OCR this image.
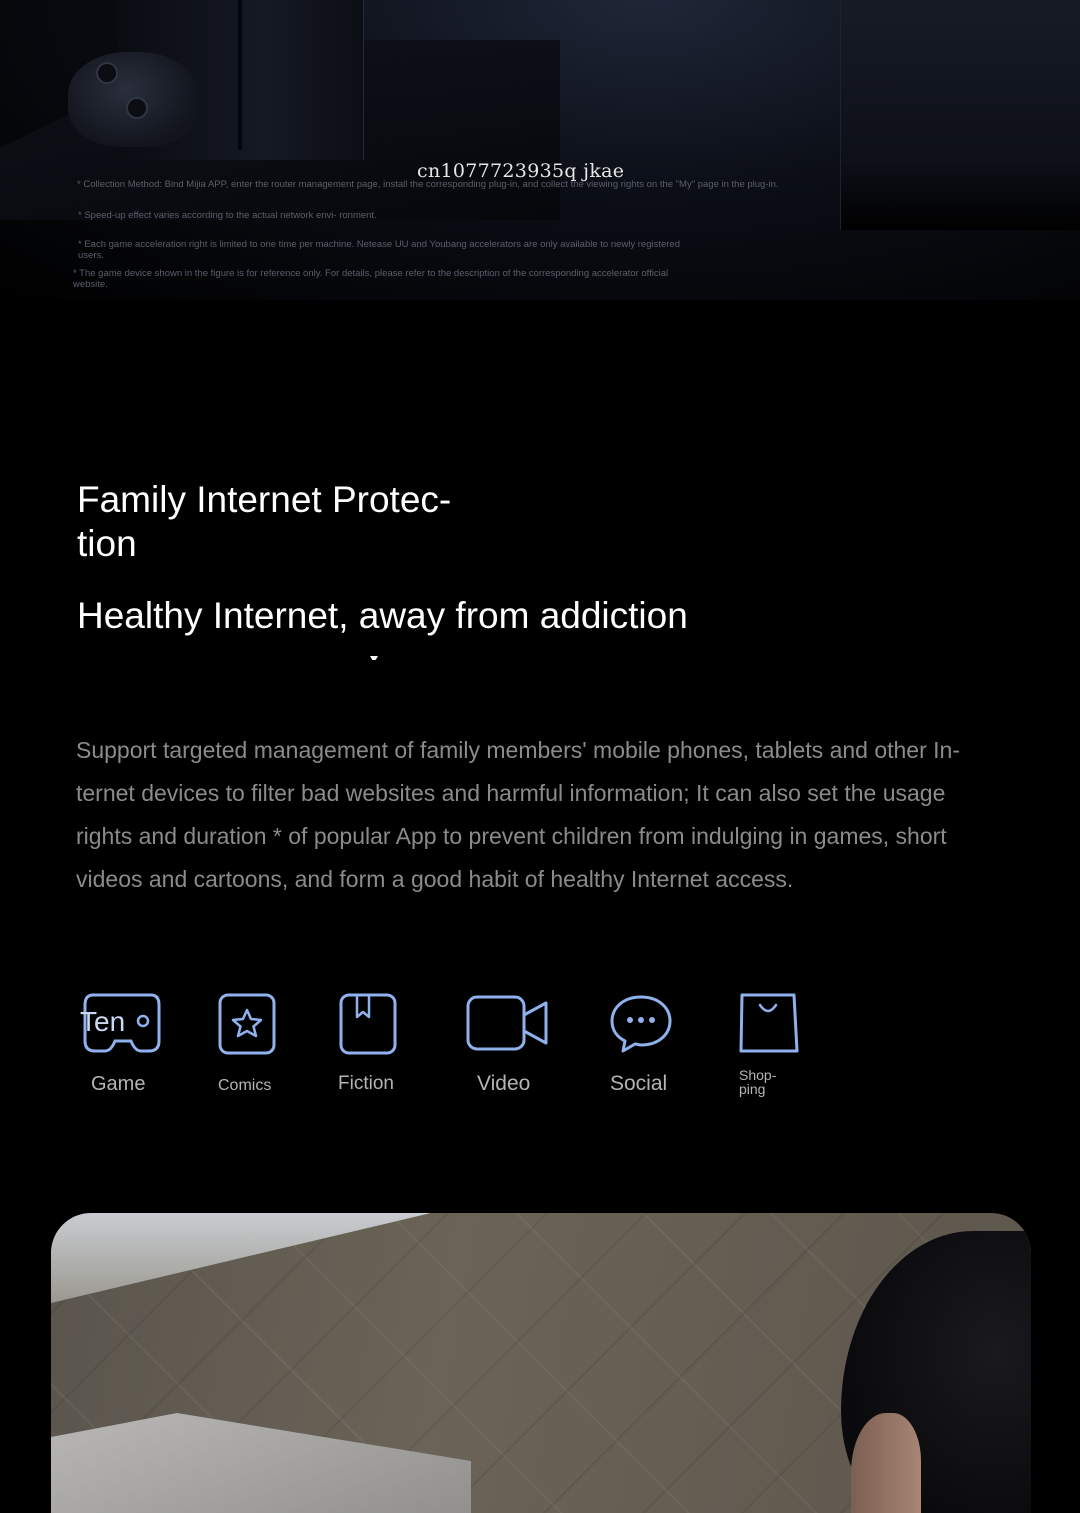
cn1077723935q jkae
* Collection Method: Bind Mijia APP, enter the router management page, install the corresponding plug-in, and collect the viewing rights on the "My" page in the plug-in.
* Speed-up effect varies according to the actual network envi- ronment.
* Each game acceleration right is limited to one time per machine. Netease UU and Youbang accelerators are only available to newly registered users.
* The game device shown in the figure is for reference only. For details, please refer to the description of the corresponding accelerator official website.
Family Internet Protec- tion
Healthy Internet, away from addiction
Support targeted management of family members' mobile phones, tablets and other In- ternet devices to filter bad websites and harmful information; It can also set the usage rights and duration * of popular App to prevent children from indulging in games, short videos and cartoons, and form a good habit of healthy Internet access.
Ten
Game	Comics	Fiction	Video	Social	Shop- ping
